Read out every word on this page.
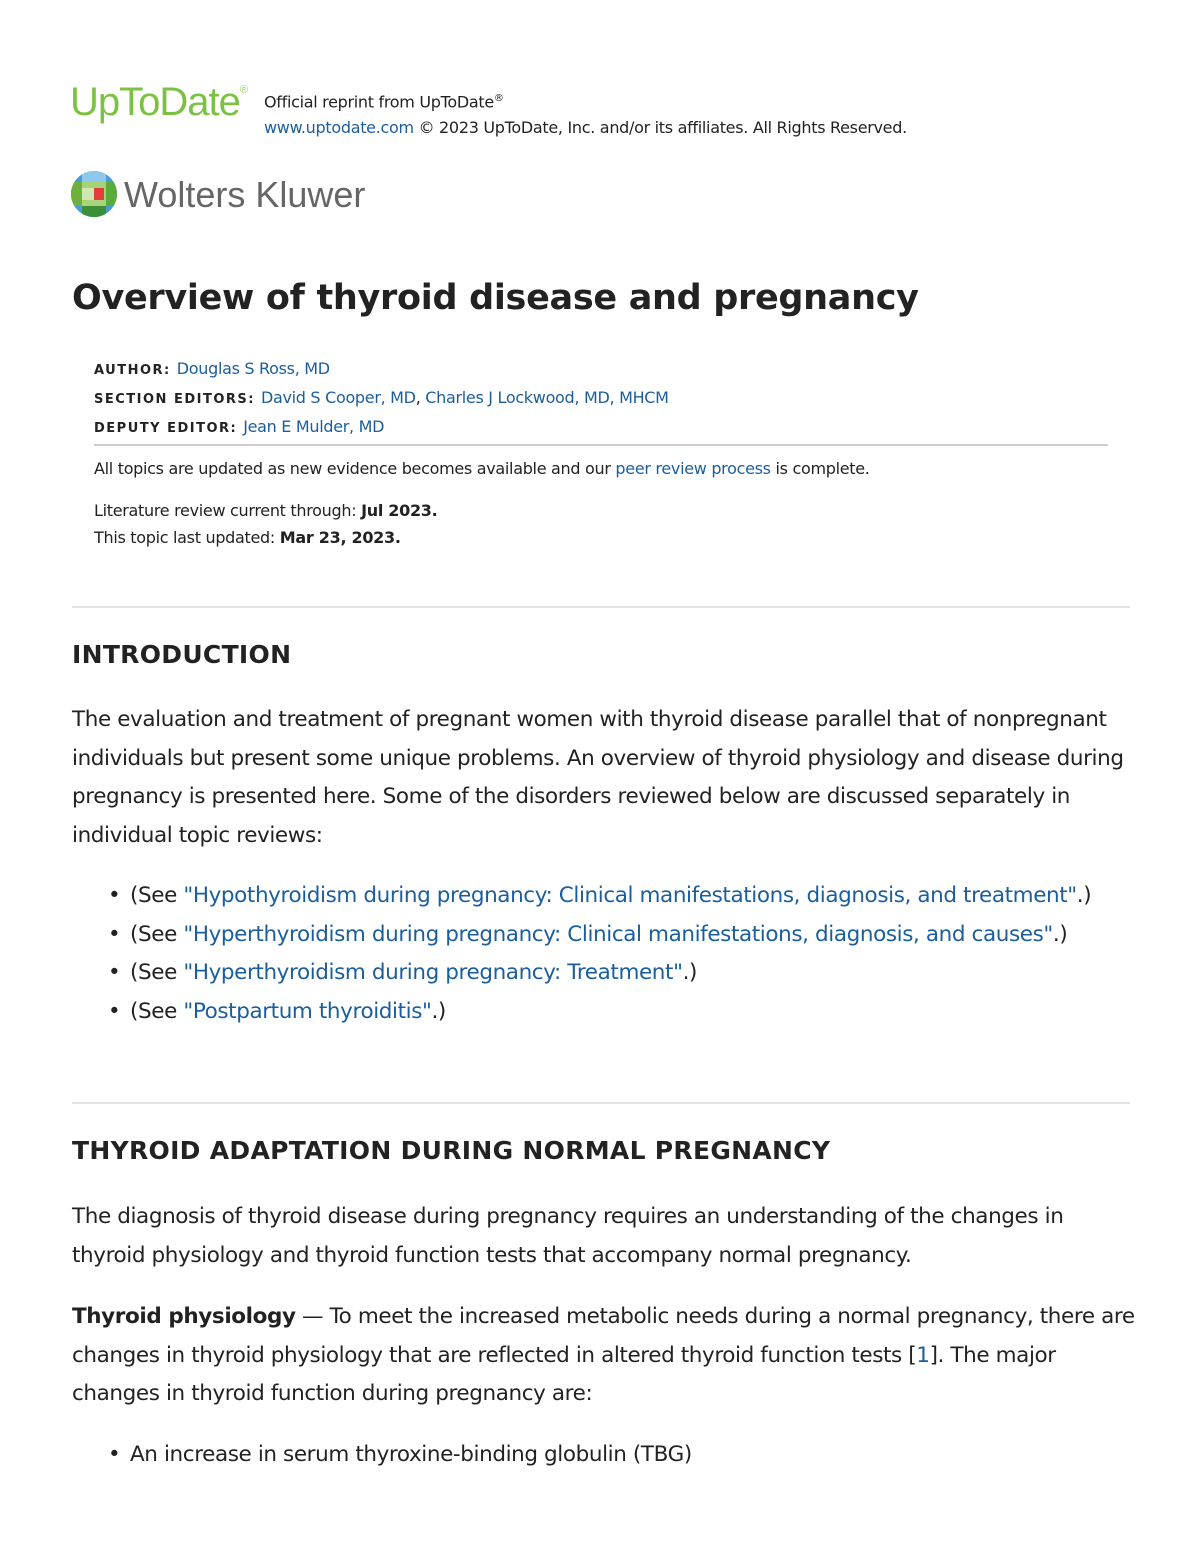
UpToDate®
Official reprint from UpToDate®
www.uptodate.com © 2023 UpToDate, Inc. and/or its affiliates. All Rights Reserved.
Wolters Kluwer
Overview of thyroid disease and pregnancy
AUTHOR: Douglas S Ross, MD
SECTION EDITORS: David S Cooper, MD, Charles J Lockwood, MD, MHCM
DEPUTY EDITOR: Jean E Mulder, MD
All topics are updated as new evidence becomes available and our peer review process is complete.
Literature review current through: Jul 2023.
This topic last updated: Mar 23, 2023.
INTRODUCTION
The evaluation and treatment of pregnant women with thyroid disease parallel that of nonpregnant individuals but present some unique problems. An overview of thyroid physiology and disease during pregnancy is presented here. Some of the disorders reviewed below are discussed separately in individual topic reviews:
• (See "Hypothyroidism during pregnancy: Clinical manifestations, diagnosis, and treatment".)
• (See "Hyperthyroidism during pregnancy: Clinical manifestations, diagnosis, and causes".)
• (See "Hyperthyroidism during pregnancy: Treatment".)
• (See "Postpartum thyroiditis".)
THYROID ADAPTATION DURING NORMAL PREGNANCY
The diagnosis of thyroid disease during pregnancy requires an understanding of the changes in thyroid physiology and thyroid function tests that accompany normal pregnancy.
Thyroid physiology — To meet the increased metabolic needs during a normal pregnancy, there are changes in thyroid physiology that are reflected in altered thyroid function tests [1]. The major changes in thyroid function during pregnancy are:
• An increase in serum thyroxine-binding globulin (TBG)
